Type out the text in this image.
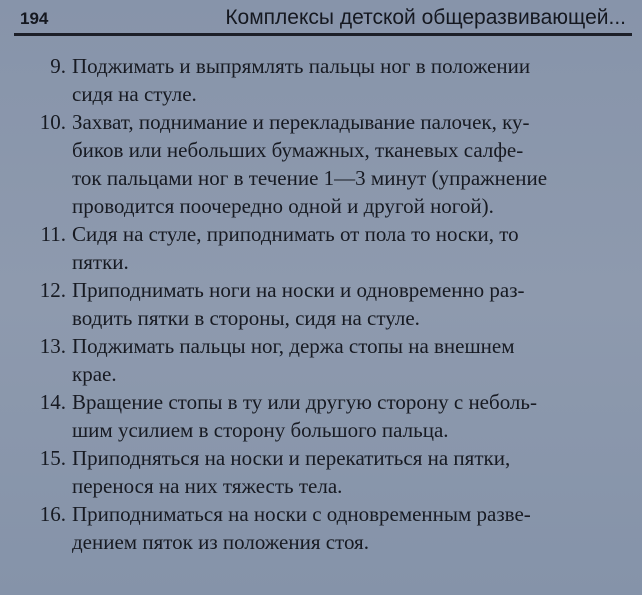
194	Комплексы детской общеразвивающей...
9. Поджимать и выпрямлять пальцы ног в положении
сидя на стуле.
10. Захват, поднимание и перекладывание палочек, ку-
биков или небольших бумажных, тканевых салфе-
ток пальцами ног в течение 1—3 минут (упражнение
проводится поочередно одной и другой ногой).
11. Сидя на стуле, приподнимать от пола то носки, то
пятки.
12. Приподнимать ноги на носки и одновременно раз-
водить пятки в стороны, сидя на стуле.
13. Поджимать пальцы ног, держа стопы на внешнем
крае.
14. Вращение стопы в ту или другую сторону с неболь-
шим усилием в сторону большого пальца.
15. Приподняться на носки и перекатиться на пятки,
перенося на них тяжесть тела.
16. Приподниматься на носки с одновременным разве-
дением пяток из положения стоя.
